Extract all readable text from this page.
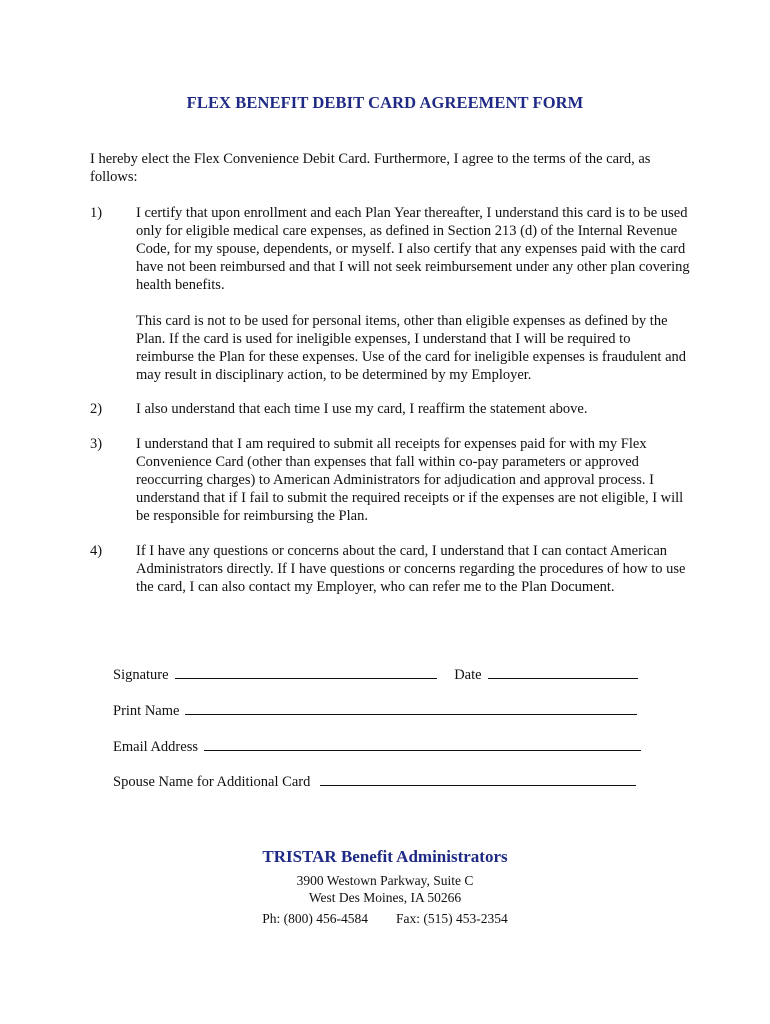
FLEX BENEFIT DEBIT CARD AGREEMENT FORM
I hereby elect the Flex Convenience Debit Card. Furthermore, I agree to the terms of the card, as follows:
1) I certify that upon enrollment and each Plan Year thereafter, I understand this card is to be used only for eligible medical care expenses, as defined in Section 213 (d) of the Internal Revenue Code, for my spouse, dependents, or myself. I also certify that any expenses paid with the card have not been reimbursed and that I will not seek reimbursement under any other plan covering health benefits.

This card is not to be used for personal items, other than eligible expenses as defined by the Plan. If the card is used for ineligible expenses, I understand that I will be required to reimburse the Plan for these expenses. Use of the card for ineligible expenses is fraudulent and may result in disciplinary action, to be determined by my Employer.

2) I also understand that each time I use my card, I reaffirm the statement above.

3) I understand that I am required to submit all receipts for expenses paid for with my Flex Convenience Card (other than expenses that fall within co-pay parameters or approved reoccurring charges) to American Administrators for adjudication and approval process. I understand that if I fail to submit the required receipts or if the expenses are not eligible, I will be responsible for reimbursing the Plan.

4) If I have any questions or concerns about the card, I understand that I can contact American Administrators directly. If I have questions or concerns regarding the procedures of how to use the card, I can also contact my Employer, who can refer me to the Plan Document.

Signature	Date
Print Name
Email Address
Spouse Name for Additional Card
TRISTAR Benefit Administrators
3900 Westown Parkway, Suite C
West Des Moines, IA 50266
Ph: (800) 456-4584 Fax: (515) 453-2354
